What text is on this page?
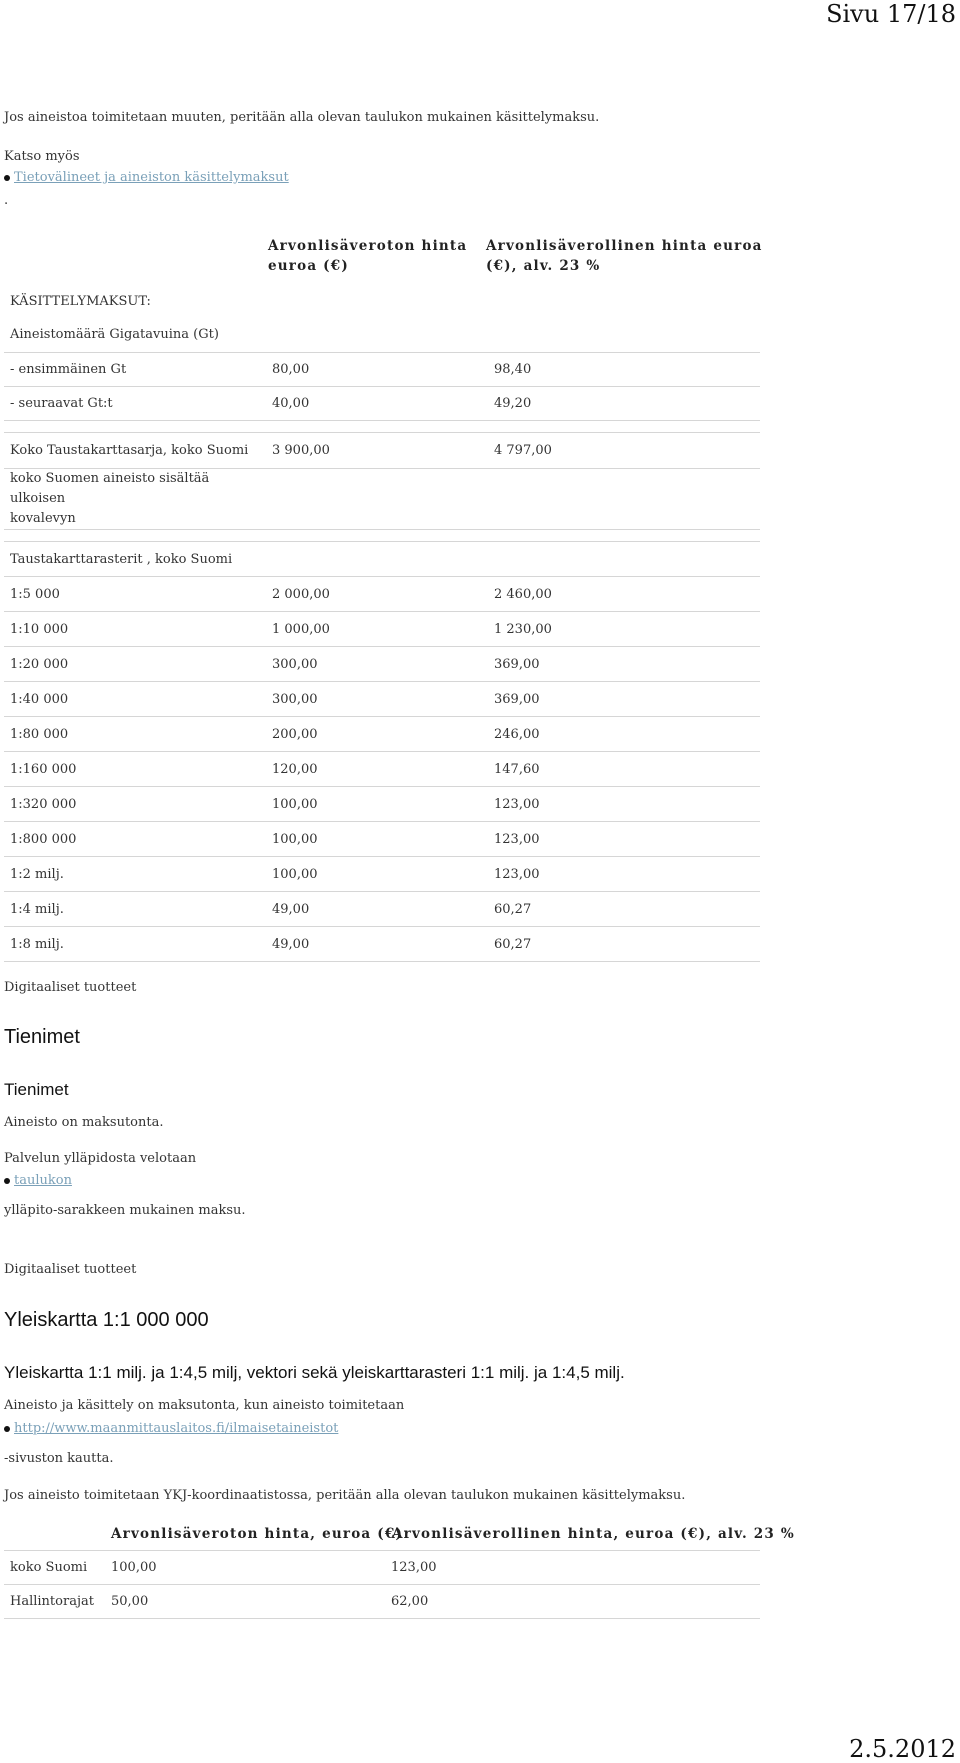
Sivu 17/18
Jos aineistoa toimitetaan muuten, peritään alla olevan taulukon mukainen käsittelymaksu.
Katso myös
Tietovälineet ja aineiston käsittelymaksut
.
Arvonlisäveroton hinta
euroa (€)
Arvonlisäverollinen hinta euroa
(€), alv. 23 %
KÄSITTELYMAKSUT:
Aineistomäärä Gigatavuina (Gt)
- ensimmäinen Gt	80,00	98,40
- seuraavat Gt:t	40,00	49,20

Koko Taustakarttasarja, koko Suomi	3 900,00	4 797,00

koko Suomen aineisto sisältää ulkoisen
kovalevyn		

Taustakarttarasterit , koko Suomi		
1:5 000	2 000,00	2 460,00
1:10 000	1 000,00	1 230,00
1:20 000	300,00	369,00
1:40 000	300,00	369,00
1:80 000	200,00	246,00
1:160 000	120,00	147,60
1:320 000	100,00	123,00
1:800 000	100,00	123,00
1:2 milj.	100,00	123,00
1:4 milj.	49,00	60,27
1:8 milj.	49,00	60,27
Digitaaliset tuotteet
Tienimet
Tienimet
Aineisto on maksutonta.
Palvelun ylläpidosta velotaan
taulukon
ylläpito-sarakkeen mukainen maksu.
Digitaaliset tuotteet
Yleiskartta 1:1 000 000
Yleiskartta 1:1 milj. ja 1:4,5 milj, vektori sekä yleiskarttarasteri 1:1 milj. ja 1:4,5 milj.
Aineisto ja käsittely on maksutonta, kun aineisto toimitetaan
http://www.maanmittauslaitos.fi/ilmaisetaineistot
-sivuston kautta.
Jos aineisto toimitetaan YKJ-koordinaatistossa, peritään alla olevan taulukon mukainen käsittelymaksu.
Arvonlisäveroton hinta, euroa (€)
Arvonlisäverollinen hinta, euroa (€), alv. 23 %
koko Suomi	100,00	123,00
Hallintorajat	50,00	62,00
2.5.2012
